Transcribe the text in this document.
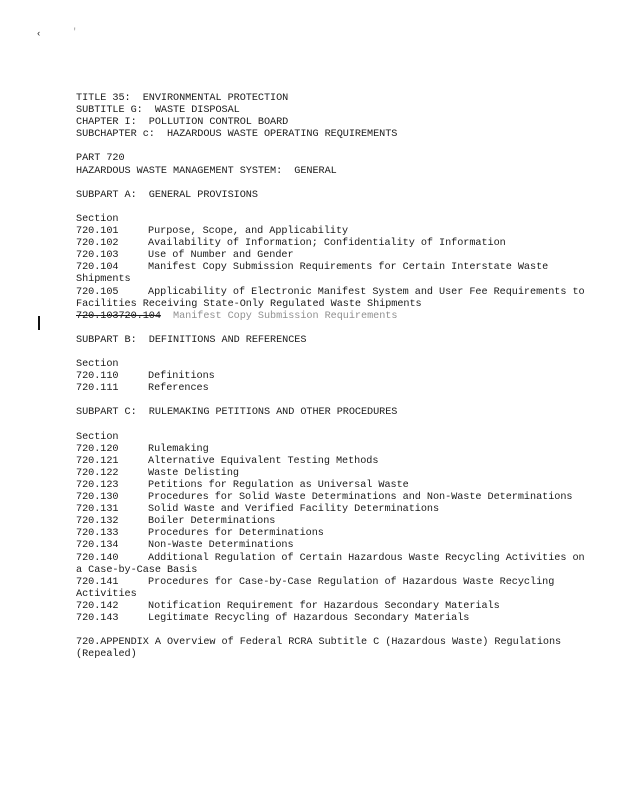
‹	'
TITLE 35:  ENVIRONMENTAL PROTECTION
SUBTITLE G:  WASTE DISPOSAL
CHAPTER I:  POLLUTION CONTROL BOARD
SUBCHAPTER c:  HAZARDOUS WASTE OPERATING REQUIREMENTS
PART 720
HAZARDOUS WASTE MANAGEMENT SYSTEM:  GENERAL
SUBPART A:  GENERAL PROVISIONS
Section
720.101	Purpose, Scope, and Applicability
720.102	Availability of Information; Confidentiality of Information
720.103	Use of Number and Gender
720.104	Manifest Copy Submission Requirements for Certain Interstate Waste Shipments
720.105	Applicability of Electronic Manifest System and User Fee Requirements to Facilities Receiving State-Only Regulated Waste Shipments
720.103720.104 Manifest Copy Submission Requirements
SUBPART B:  DEFINITIONS AND REFERENCES
Section
720.110	Definitions
720.111	References
SUBPART C:  RULEMAKING PETITIONS AND OTHER PROCEDURES
Section
720.120	Rulemaking
720.121	Alternative Equivalent Testing Methods
720.122	Waste Delisting
720.123	Petitions for Regulation as Universal Waste
720.130	Procedures for Solid Waste Determinations and Non-Waste Determinations
720.131	Solid Waste and Verified Facility Determinations
720.132	Boiler Determinations
720.133	Procedures for Determinations
720.134	Non-Waste Determinations
720.140	Additional Regulation of Certain Hazardous Waste Recycling Activities on a Case-by-Case Basis
720.141	Procedures for Case-by-Case Regulation of Hazardous Waste Recycling Activities
720.142	Notification Requirement for Hazardous Secondary Materials
720.143	Legitimate Recycling of Hazardous Secondary Materials
720.APPENDIX A Overview of Federal RCRA Subtitle C (Hazardous Waste) Regulations (Repealed)
